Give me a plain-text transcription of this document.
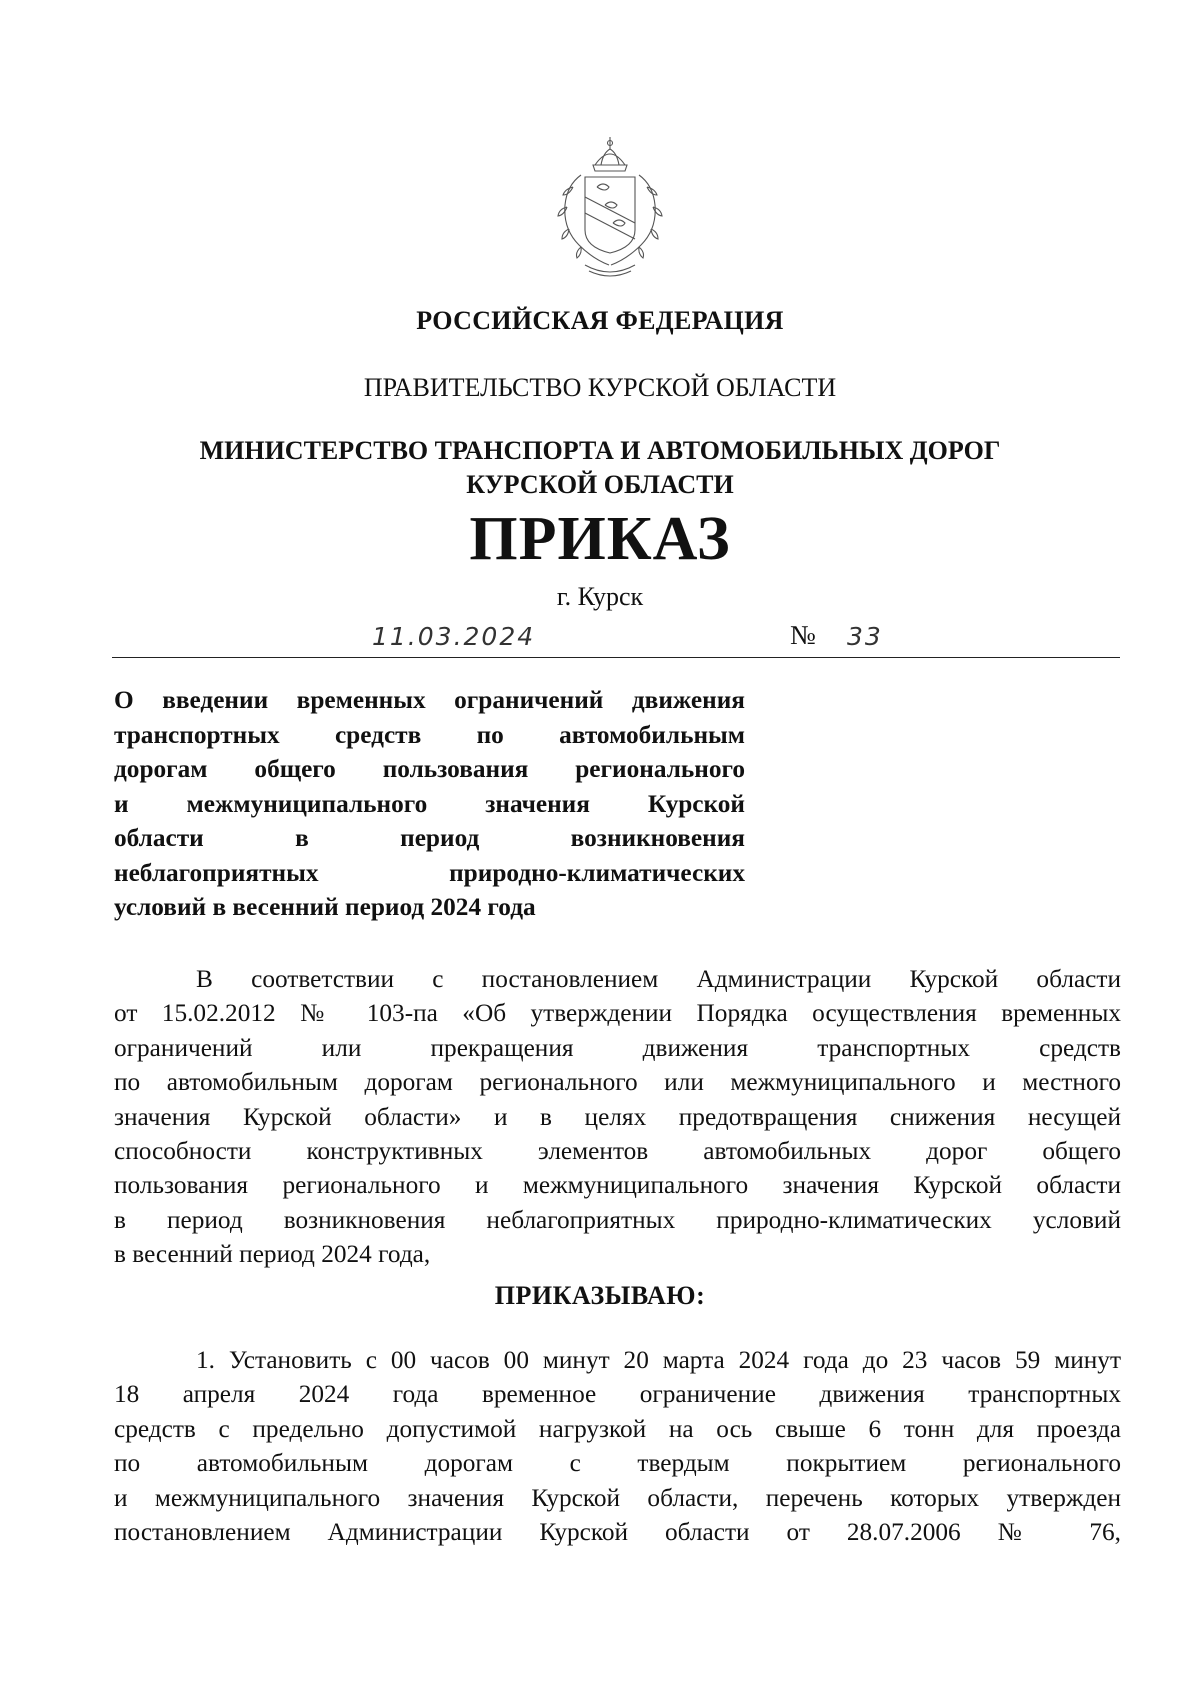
РОССИЙСКАЯ ФЕДЕРАЦИЯ
ПРАВИТЕЛЬСТВО КУРСКОЙ ОБЛАСТИ
МИНИСТЕРСТВО ТРАНСПОРТА И АВТОМОБИЛЬНЫХ ДОРОГ
КУРСКОЙ ОБЛАСТИ
ПРИКАЗ
г. Курск
11.03.2024	№ 33
О введении временных ограничений движения
транспортных средств по автомобильным
дорогам общего пользования регионального
и межмуниципального значения Курской
области в период возникновения
неблагоприятных природно-климатических
условий в весенний период 2024 года
В соответствии с постановлением Администрации Курской области
от 15.02.2012 № 103-па «Об утверждении Порядка осуществления временных
ограничений или прекращения движения транспортных средств
по автомобильным дорогам регионального или межмуниципального и местного
значения Курской области» и в целях предотвращения снижения несущей
способности конструктивных элементов автомобильных дорог общего
пользования регионального и межмуниципального значения Курской области
в период возникновения неблагоприятных природно-климатических условий
в весенний период 2024 года,
ПРИКАЗЫВАЮ:
1. Установить с 00 часов 00 минут 20 марта 2024 года до 23 часов 59 минут
18 апреля 2024 года временное ограничение движения транспортных
средств с предельно допустимой нагрузкой на ось свыше 6 тонн для проезда
по автомобильным дорогам с твердым покрытием регионального
и межмуниципального значения Курской области, перечень которых утвержден
постановлением Администрации Курской области от 28.07.2006 № 76,
